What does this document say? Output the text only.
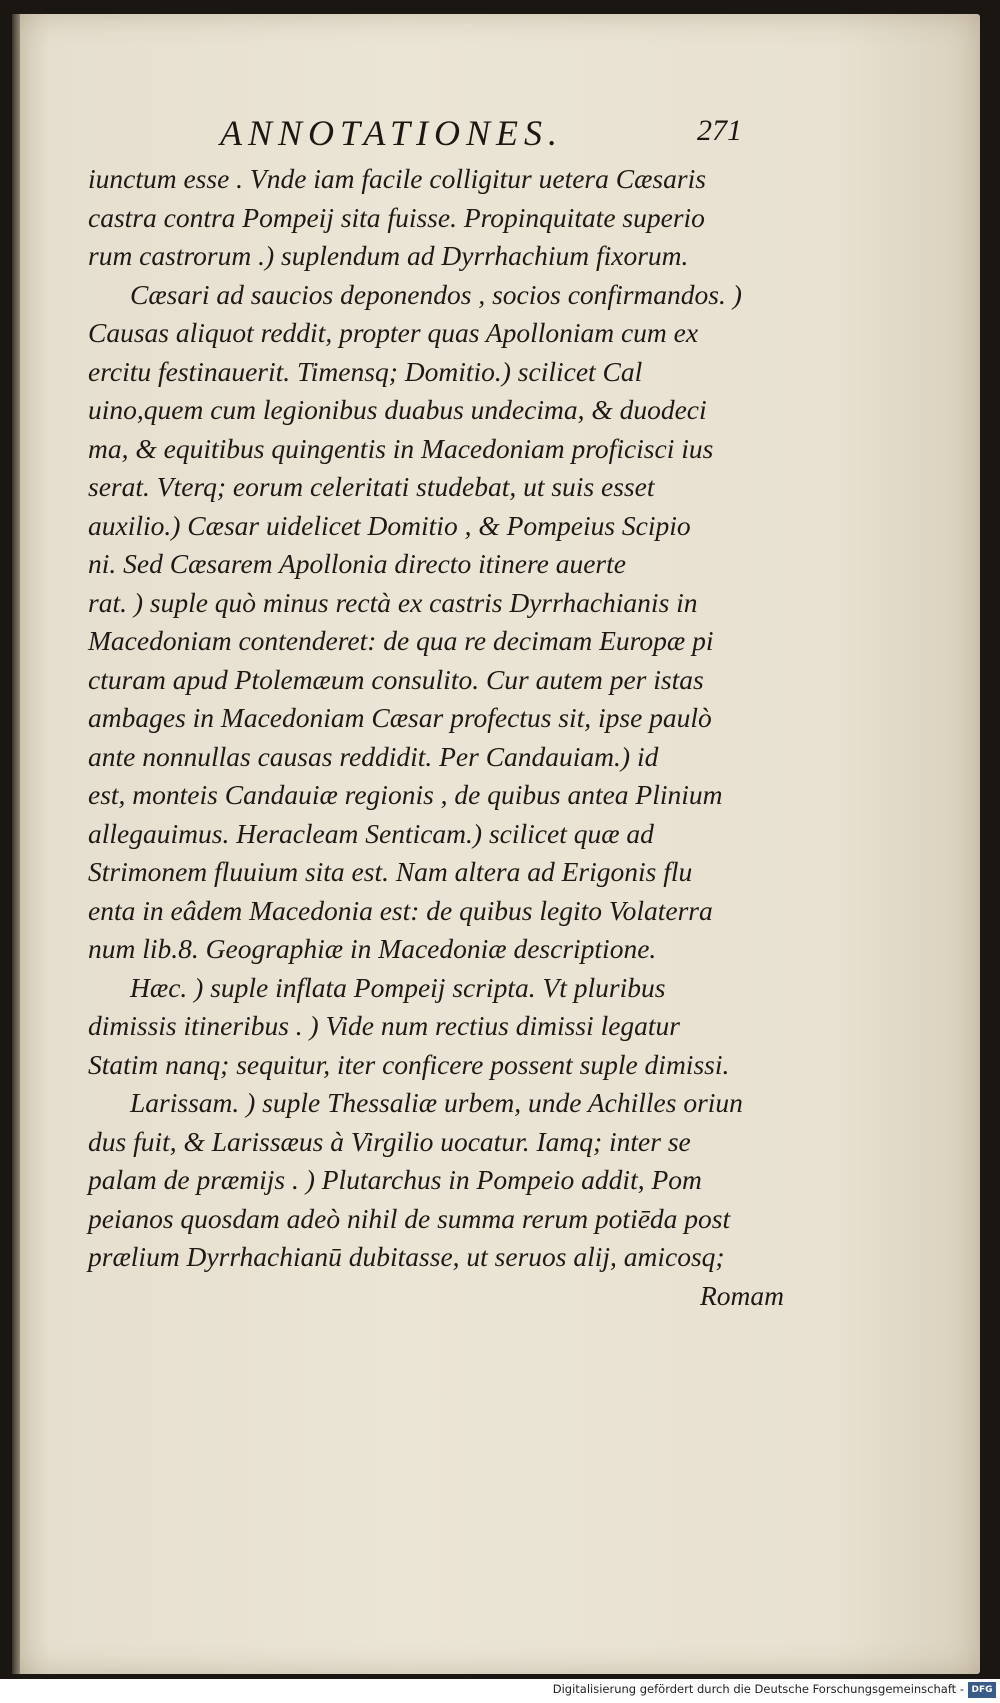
ANNOTATIONES.	271
iunctum esse . Vnde iam facile colligitur uetera Cæsaris
castra contra Pompeij sita fuisse. Propinquitate superio
rum castrorum .) suplendum ad Dyrrhachium fixorum.
Cæsari ad saucios deponendos , socios confirmandos. )
Causas aliquot reddit, propter quas Apolloniam cum ex
ercitu festinauerit. Timensq; Domitio.) scilicet Cal
uino,quem cum legionibus duabus undecima, & duodeci
ma, & equitibus quingentis in Macedoniam proficisci ius
serat. Vterq; eorum celeritati studebat, ut suis esset
auxilio.) Cæsar uidelicet Domitio , & Pompeius Scipio
ni. Sed Cæsarem Apollonia directo itinere auerte
rat. ) suple quò minus rectà ex castris Dyrrhachianis in
Macedoniam contenderet: de qua re decimam Europæ pi
cturam apud Ptolemæum consulito. Cur autem per istas
ambages in Macedoniam Cæsar profectus sit, ipse paulò
ante nonnullas causas reddidit. Per Candauiam.) id
est, monteis Candauiæ regionis , de quibus antea Plinium
allegauimus. Heracleam Senticam.) scilicet quæ ad
Strimonem fluuium sita est. Nam altera ad Erigonis flu
enta in eâdem Macedonia est: de quibus legito Volaterra
num lib.8. Geographiæ in Macedoniæ descriptione.
Hæc. ) suple inflata Pompeij scripta. Vt pluribus
dimissis itineribus . ) Vide num rectius dimissi legatur
Statim nanq; sequitur, iter conficere possent suple dimissi.
Larissam. ) suple Thessaliæ urbem, unde Achilles oriun
dus fuit, & Larissæus à Virgilio uocatur. Iamq; inter se
palam de præmijs . ) Plutarchus in Pompeio addit, Pom
peianos quosdam adeò nihil de summa rerum potiēda post
prælium Dyrrhachianū dubitasse, ut seruos alij, amicosq;
Romam
Digitalisierung gefördert durch die Deutsche Forschungsgemeinschaft - DFG
